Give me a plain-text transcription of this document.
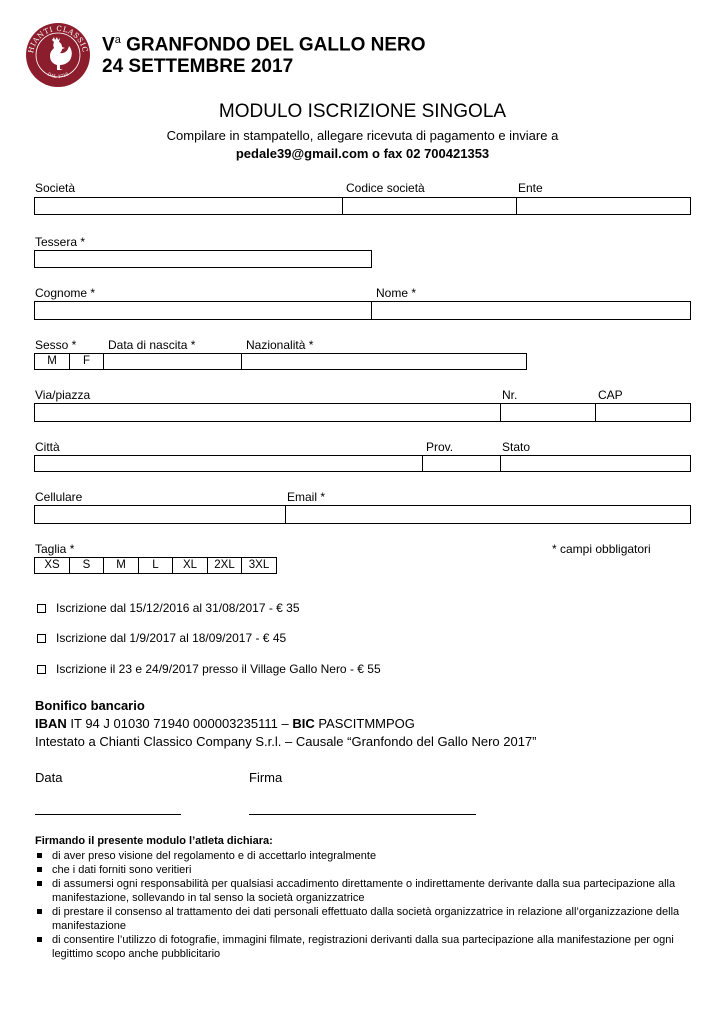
HIANTI CLASSIC
DAL 1716
$V^a$ GRANFONDO DEL GALLO NERO
24 SETTEMBRE 2017
MODULO ISCRIZIONE SINGOLA
Compilare in stampatello, allegare ricevuta di pagamento e inviare a
pedale39@gmail.com o fax 02 700421353
Società	Codice società	Ente
Tessera *
Cognome *	Nome *
Sesso *	Data di nascita *	Nazionalità *
M	F
Via/piazza	Nr.	CAP
Città	Prov.	Stato
Cellulare	Email *
Taglia *	* campi obbligatori
XS	S	M	L	XL	2XL	3XL
Iscrizione dal 15/12/2016 al 31/08/2017 - € 35
Iscrizione dal 1/9/2017 al 18/09/2017 - € 45
Iscrizione il 23 e 24/9/2017 presso il Village Gallo Nero - € 55
Bonifico bancario
IBAN IT 94 J 01030 71940 000003235111 – BIC PASCITMMPOG
Intestato a Chianti Classico Company S.r.l. – Causale “Granfondo del Gallo Nero 2017”
Data	Firma
Firmando il presente modulo l’atleta dichiara:
di aver preso visione del regolamento e di accettarlo integralmente
che i dati forniti sono veritieri
di assumersi ogni responsabilità per qualsiasi accadimento direttamente o indirettamente derivante dalla sua partecipazione alla manifestazione, sollevando in tal senso la società organizzatrice
di prestare il consenso al trattamento dei dati personali effettuato dalla società organizzatrice in relazione all’organizzazione della manifestazione
di consentire l’utilizzo di fotografie, immagini filmate, registrazioni derivanti dalla sua partecipazione alla manifestazione per ogni legittimo scopo anche pubblicitario
